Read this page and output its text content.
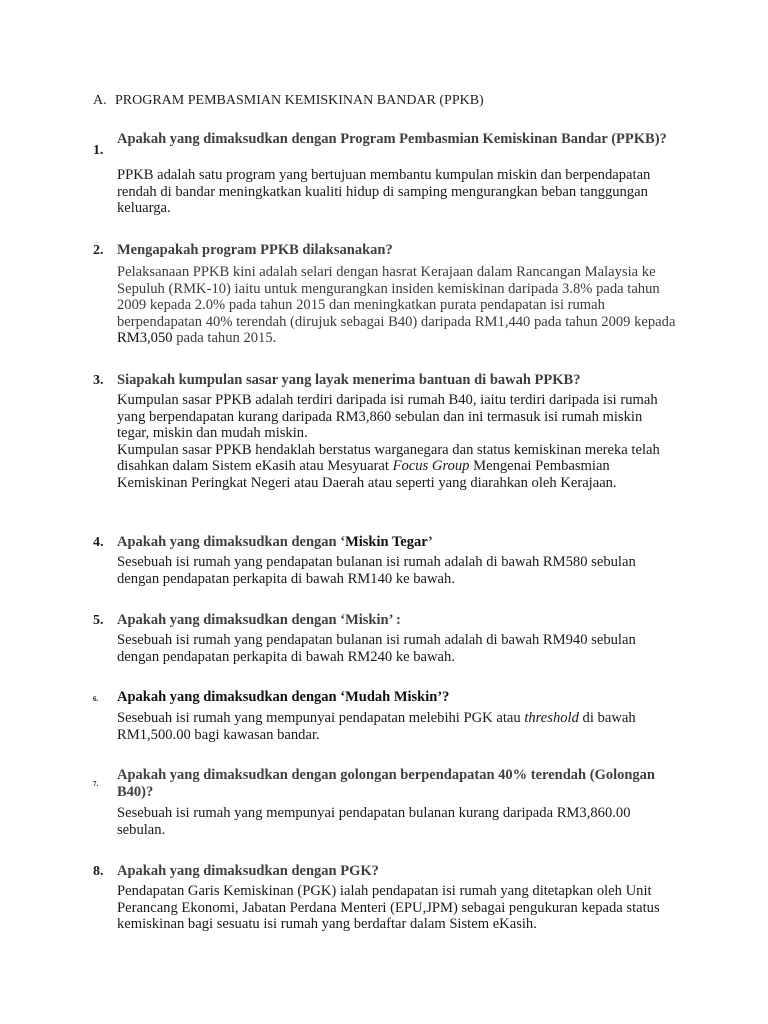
A. PROGRAM PEMBASMIAN KEMISKINAN BANDAR (PPKB)
1.
Apakah yang dimaksudkan dengan Program Pembasmian Kemiskinan Bandar (PPKB)?
PPKB adalah satu program yang bertujuan membantu kumpulan miskin dan berpendapatan rendah di bandar meningkatkan kualiti hidup di samping mengurangkan beban tanggungan keluarga.
2. Mengapakah program PPKB dilaksanakan?
Pelaksanaan PPKB kini adalah selari dengan hasrat Kerajaan dalam Rancangan Malaysia ke Sepuluh (RMK-10) iaitu untuk mengurangkan insiden kemiskinan daripada 3.8% pada tahun 2009 kepada 2.0% pada tahun 2015 dan meningkatkan purata pendapatan isi rumah berpendapatan 40% terendah (dirujuk sebagai B40) daripada RM1,440 pada tahun 2009 kepada RM3,050 pada tahun 2015.
3. Siapakah kumpulan sasar yang layak menerima bantuan di bawah PPKB?

Kumpulan sasar PPKB adalah terdiri daripada isi rumah B40, iaitu terdiri daripada isi rumah yang berpendapatan kurang daripada RM3,860 sebulan dan ini termasuk isi rumah miskin tegar, miskin dan mudah miskin.

Kumpulan sasar PPKB hendaklah berstatus warganegara dan status kemiskinan mereka telah disahkan dalam Sistem eKasih atau Mesyuarat Focus Group Mengenai Pembasmian Kemiskinan Peringkat Negeri atau Daerah atau seperti yang diarahkan oleh Kerajaan.

4. Apakah yang dimaksudkan dengan ‘Miskin Tegar’
Sesebuah isi rumah yang pendapatan bulanan isi rumah adalah di bawah RM580 sebulan dengan pendapatan perkapita di bawah RM140 ke bawah.
5. Apakah yang dimaksudkan dengan ‘Miskin’ :
Sesebuah isi rumah yang pendapatan bulanan isi rumah adalah di bawah RM940 sebulan dengan pendapatan perkapita di bawah RM240 ke bawah.
6. Apakah yang dimaksudkan dengan ‘Mudah Miskin’?
Sesebuah isi rumah yang mempunyai pendapatan melebihi PGK atau threshold di bawah RM1,500.00 bagi kawasan bandar.
7.
Apakah yang dimaksudkan dengan golongan berpendapatan 40% terendah (Golongan B40)?
Sesebuah isi rumah yang mempunyai pendapatan bulanan kurang daripada RM3,860.00 sebulan.
8. Apakah yang dimaksudkan dengan PGK?
Pendapatan Garis Kemiskinan (PGK) ialah pendapatan isi rumah yang ditetapkan oleh Unit Perancang Ekonomi, Jabatan Perdana Menteri (EPU,JPM) sebagai pengukuran kepada status kemiskinan bagi sesuatu isi rumah yang berdaftar dalam Sistem eKasih.
